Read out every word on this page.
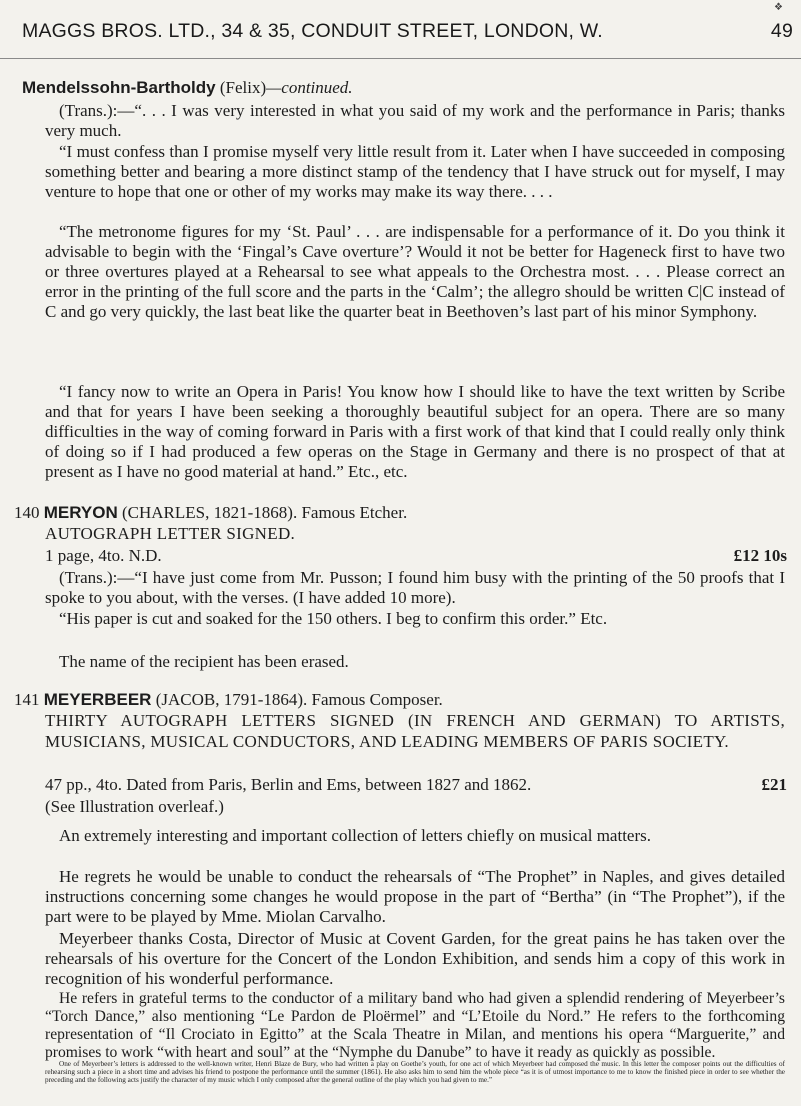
❖
MAGGS BROS. LTD., 34 & 35, CONDUIT STREET, LONDON, W.	49
Mendelssohn-Bartholdy (Felix)—continued.
(Trans.):—“. . . I was very interested in what you said of my work and the performance in Paris; thanks very much.
“I must confess than I promise myself very little result from it. Later when I have succeeded in composing something better and bearing a more distinct stamp of the tendency that I have struck out for myself, I may venture to hope that one or other of my works may make its way there. . . .
“The metronome figures for my ‘St. Paul’ . . . are indispensable for a performance of it. Do you think it advisable to begin with the ‘Fingal’s Cave overture’? Would it not be better for Hageneck first to have two or three overtures played at a Rehearsal to see what appeals to the Orchestra most. . . . Please correct an error in the printing of the full score and the parts in the ‘Calm’; the allegro should be written C|C instead of C and go very quickly, the last beat like the quarter beat in Beethoven’s last part of his minor Symphony.
“I fancy now to write an Opera in Paris! You know how I should like to have the text written by Scribe and that for years I have been seeking a thoroughly beautiful subject for an opera. There are so many difficulties in the way of coming forward in Paris with a first work of that kind that I could really only think of doing so if I had produced a few operas on the Stage in Germany and there is no prospect of that at present as I have no good material at hand.” Etc., etc.
140 MERYON (CHARLES, 1821-1868). Famous Etcher.
AUTOGRAPH LETTER SIGNED.
1 page, 4to. N.D.	£12 10s
(Trans.):—“I have just come from Mr. Pusson; I found him busy with the printing of the 50 proofs that I spoke to you about, with the verses. (I have added 10 more).
“His paper is cut and soaked for the 150 others. I beg to confirm this order.” Etc.
The name of the recipient has been erased.
141 MEYERBEER (JACOB, 1791-1864). Famous Composer.
THIRTY AUTOGRAPH LETTERS SIGNED (IN FRENCH AND GERMAN) TO ARTISTS, MUSICIANS, MUSICAL CONDUCTORS, AND LEADING MEMBERS OF PARIS SOCIETY.
47 pp., 4to. Dated from Paris, Berlin and Ems, between 1827 and 1862.	£21
(See Illustration overleaf.)
An extremely interesting and important collection of letters chiefly on musical matters.
He regrets he would be unable to conduct the rehearsals of “The Prophet” in Naples, and gives detailed instructions concerning some changes he would propose in the part of “Bertha” (in “The Prophet”), if the part were to be played by Mme. Miolan Carvalho.
Meyerbeer thanks Costa, Director of Music at Covent Garden, for the great pains he has taken over the rehearsals of his overture for the Concert of the London Exhibition, and sends him a copy of this work in recognition of his wonderful performance.
He refers in grateful terms to the conductor of a military band who had given a splendid rendering of Meyerbeer’s “Torch Dance,” also mentioning “Le Pardon de Ploërmel” and “L’Etoile du Nord.” He refers to the forthcoming representation of “Il Crociato in Egitto” at the Scala Theatre in Milan, and mentions his opera “Marguerite,” and promises to work “with heart and soul” at the “Nymphe du Danube” to have it ready as quickly as possible.
One of Meyerbeer’s letters is addressed to the well-known writer, Henri Blaze de Bury, who had written a play on Goethe’s youth, for one act of which Meyerbeer had composed the music. In this letter the composer points out the difficulties of rehearsing such a piece in a short time and advises his friend to postpone the performance until the summer (1861). He also asks him to send him the whole piece “as it is of utmost importance to me to know the finished piece in order to see whether the preceding and the following acts justify the character of my music which I only composed after the general outline of the play which you had given to me.”
